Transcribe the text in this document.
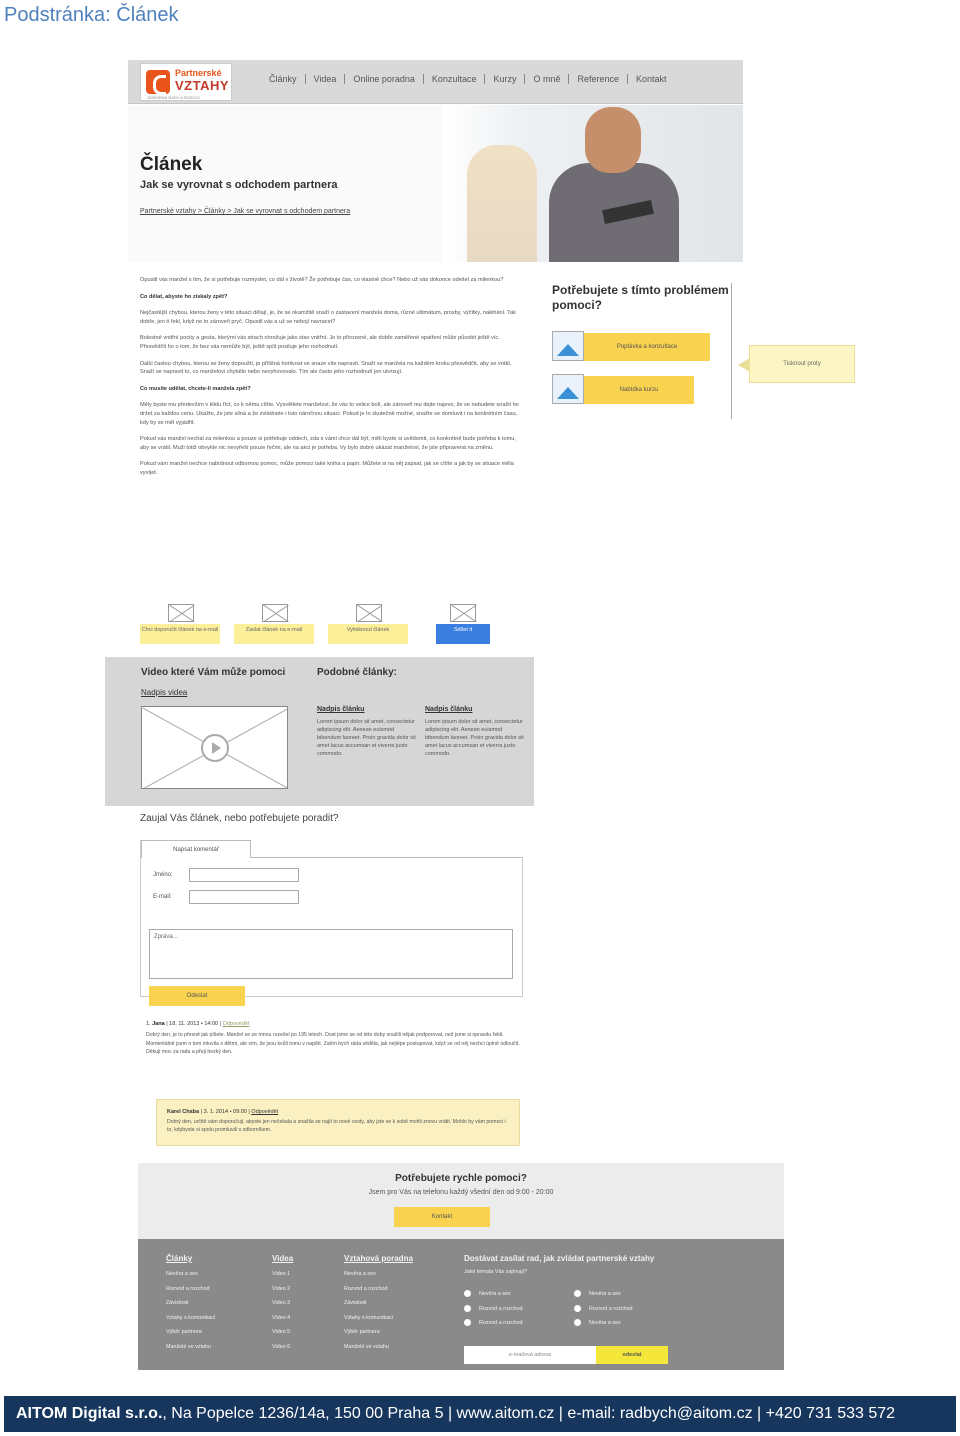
Podstránka: Článek
Partnerské
VZTAHY
ODBORNÁ RADY A ROZVOJ
Články	Videa	Online poradna	Konzultace	Kurzy	O mně	Reference	Kontakt
Článek
Jak se vyrovnat s odchodem partnera
Partnerské vztahy > Články > Jak se vyrovnat s odchodem partnera

Opustil vás manžel s tím, že si potřebuje rozmyslet, co dál v životě? Že potřebuje čas, co vlastně chce? Nebo už vás dokonce odešel za milenkou?

Co dělat, abyste ho získaly zpět?

Nejčastější chybou, kterou ženy v této situaci dělají, je, že se okamžitě snaží o zastavení manžela doma, různé ultimátum, prosby, výčitky, naléhání. Tak dobře, jen ti řekl, když ne to zároveň pryč. Opustil vás a už se nebojí navracet?

Bolestné vnitřní pocity a gesta, kterými vás strach ohrožuje jako stav vnitřní. Je to přirozené, ale dobře zaměřené opatření může působit ještě víc. Přesvědčit ho o tom, že bez vás nemůže být, ještě spíš posiluje jeho rozhodnutí.

Další častou chybou, kterou se ženy dopouští, je přílišná horlivost ve snaze vše napravit. Snaží se manžela na každém kroku přesvědčit, aby se vrátil. Snaží se napravit to, co manželovi chybělo nebo nevyhovovalo. Tím ale často jeho rozhodnutí jen utvrzují.

Co musíte udělat, chcete-li manžela zpět?

Měly byste mu především v klidu říct, co k němu cítíte. Vysvětlete manželovi, že vás to velice bolí, ale zároveň mu dejte najevo, že se nebudete snažit ho držet za každou cenu. Ukažte, že jste silná a že zvládnete i tuto náročnou situaci. Pokud je to skutečně možné, snažte se domluvit i na konkrétním času, kdy by se měl vyjádřit.

Pokud vás manžel nechal za milenkou a pouze si potřebuje oddech, zda s vámi chce dál být, měli byste si uvědomit, co konkrétně bude potřeba k tomu, aby se vrátil. Muži totiž obvykle nic nevyřeší pouze řečmi, ale na akci je potřeba. Vy bylo dobré ukázat manželovi, že jste připravená na změnu.

Pokud vám manžel nechce nabídnout odbornou pomoc, může pomoci také kniha a papír. Můžete si na něj zapsat, jak se cítíte a jak by se situace měla vyvíjet.

Potřebujete s tímto problémem pomoci?
Poptávka a konzultace
Nabídka kurzu
Tisknout proty
Chci doporučit článek na e-mail	Zaslat článek na e-mail	Vytisknout článek	Sdílet it
Video které Vám může pomoci	Podobné články:
Nadpis videa
Nadpis článku
Lorem ipsum dolor sit amet, consectetur adipiscing elit. Aenean euismod bibendum laoreet. Proin gravida dolor sit amet lacus accumsan et viverra justo commodo.
Nadpis článku
Lorem ipsum dolor sit amet, consectetur adipiscing elit. Aenean euismod bibendum laoreet. Proin gravida dolor sit amet lacus accumsan et viverra justo commodo.
Zaujal Vás článek, nebo potřebujete poradit?
Jméno:
E-mail:
Zpráva...
Odeslat
Napsat komentář
1. Jana | 18. 11. 2013 • 14:00 | Odpovědět
Dobrý den, je to přesně jak píšete. Manžel se ze mnou rozešel po 195 letech. Dost jsme se od této doby snažili nějak podporovat, než jsme si opravdu řekli. Momentálně jsem o tom mluvila s dětmi, ale vím, že jsou kvůli tomu v napětí. Zatím bych ráda věděla, jak nejlépe postupovat, když se od něj nechci úplně odloučit. Děkuji moc za radu a přeji hezký den.
Karel Chaba | 3. 1. 2014 • 09:00 | Odpovědět
Dobrý den, určitě vám doporučuji, abyste jen nečekala a snažila se najít to nové cesty, aby jste se k sobě mohli znovu vrátit. Mohlo by vám pomoci i to, kdybyste si spolu promluvili s odborníkem.
Potřebujete rychle pomoci?
Jsem pro Vás na telefonu každý všední den od 9:00 - 20:00
Kontakt
Články
Nevěra a sex
Rozvod a rozchod
Závislosti
Vztahy s komunikací
Výběr partnera
Manželé ve vztahu
Videa
Video 1
Video 2
Video 3
Video 4
Video 5
Video 6
Vztahová poradna
Nevěra a sex
Rozvod a rozchod
Závislosti
Vztahy s komunikací
Výběr partnera
Manželé ve vztahu
Dostávat zasílat rad, jak zvládat partnerské vztahy
Jaké témata Vás zajímají?
Nevěra a sex
Rozvod a rozchod
Rozvod a rozchod
Nevěra a sex
Rozvod a rozchod
Nevěra a sex
e-mailová adresa	odeslat
AITOM Digital s.r.o., Na Popelce 1236/14a, 150 00 Praha 5 | www.aitom.cz | e-mail: radbych@aitom.cz | +420 731 533 572
